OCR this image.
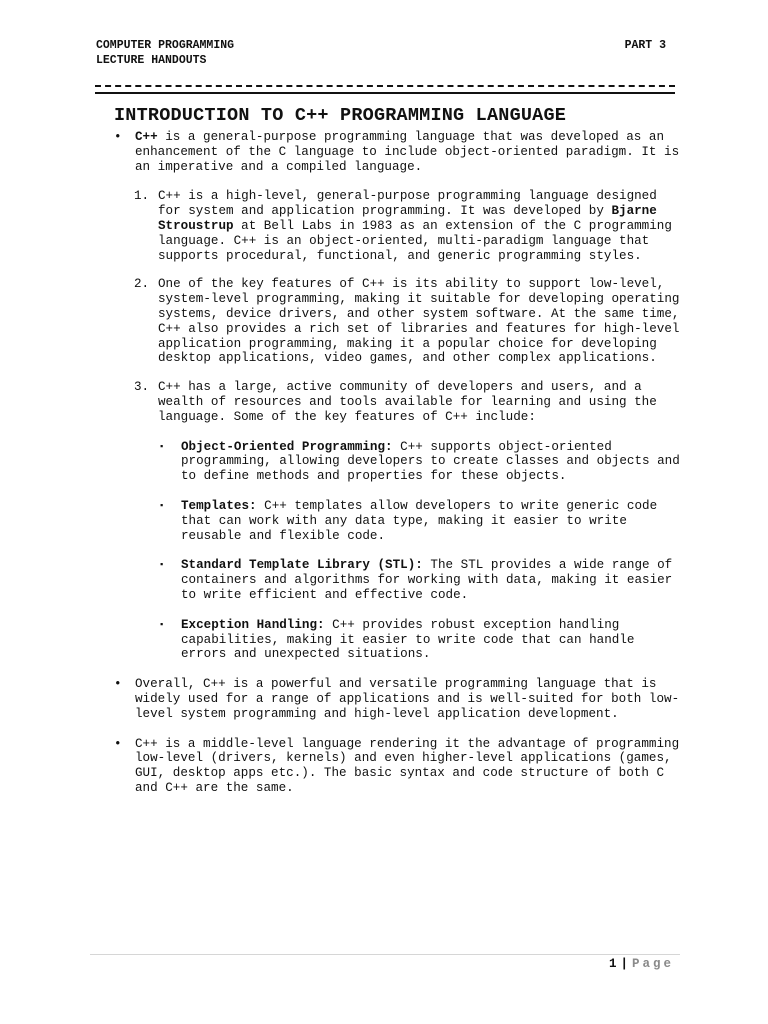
COMPUTER PROGRAMMING
LECTURE HANDOUTS
PART 3
INTRODUCTION TO C++ PROGRAMMING LANGUAGE
• C++ is a general-purpose programming language that was developed as an enhancement of the C language to include object-oriented paradigm. It is an imperative and a compiled language.
1. C++ is a high-level, general-purpose programming language designed for system and application programming. It was developed by Bjarne Stroustrup at Bell Labs in 1983 as an extension of the C programming language. C++ is an object-oriented, multi-paradigm language that supports procedural, functional, and generic programming styles.
2. One of the key features of C++ is its ability to support low-level, system-level programming, making it suitable for developing operating systems, device drivers, and other system software. At the same time, C++ also provides a rich set of libraries and features for high-level application programming, making it a popular choice for developing desktop applications, video games, and other complex applications.
3. C++ has a large, active community of developers and users, and a wealth of resources and tools available for learning and using the language. Some of the key features of C++ include:
▪ Object-Oriented Programming: C++ supports object-oriented programming, allowing developers to create classes and objects and to define methods and properties for these objects.
▪ Templates: C++ templates allow developers to write generic code that can work with any data type, making it easier to write reusable and flexible code.
▪ Standard Template Library (STL): The STL provides a wide range of containers and algorithms for working with data, making it easier to write efficient and effective code.
▪ Exception Handling: C++ provides robust exception handling capabilities, making it easier to write code that can handle errors and unexpected situations.
• Overall, C++ is a powerful and versatile programming language that is widely used for a range of applications and is well-suited for both low-level system programming and high-level application development.
• C++ is a middle-level language rendering it the advantage of programming low-level (drivers, kernels) and even higher-level applications (games, GUI, desktop apps etc.). The basic syntax and code structure of both C and C++ are the same.
1 | Page
